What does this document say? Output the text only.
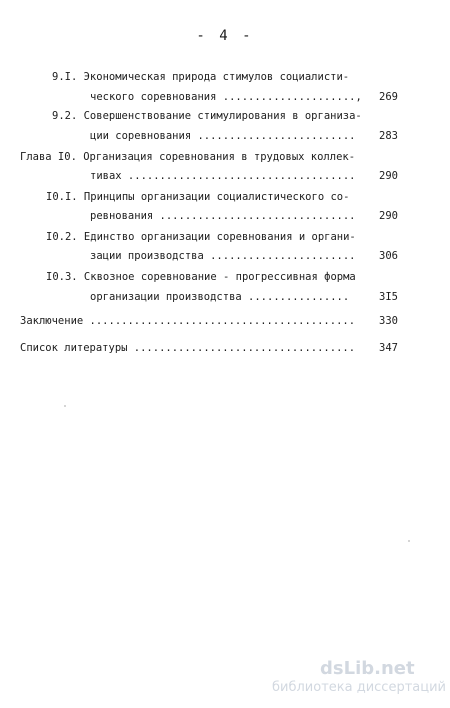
- 4 -
9.I. Экономическая природа стимулов социалисти-
ческого соревнования .....................,	269
9.2. Совершенствование стимулирования в организа-
ции соревнования .........................	283
Глава I0. Организация соревнования в трудовых коллек-
тивах ....................................	290
I0.I. Принципы организации социалистического со-
ревнования ...............................	290
I0.2. Единство организации соревнования и органи-
зации производства .......................	306
I0.3. Сквозное соревнование - прогрессивная форма
организации производства ................	3I5
Заключение ..........................................	330
Список литературы ...................................	347
dsLib.net
библиотека диссертаций
